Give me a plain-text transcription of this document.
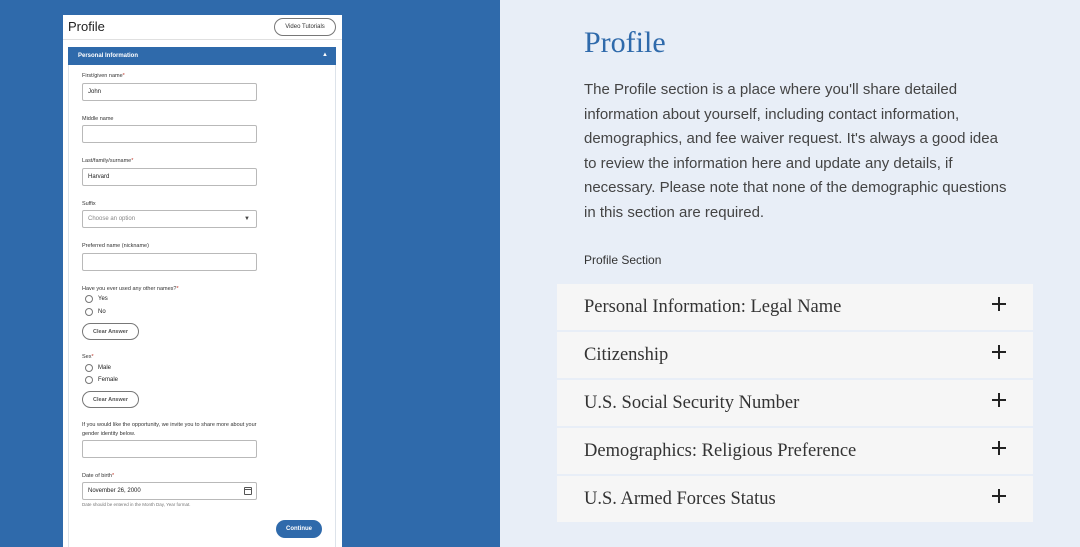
Profile	Video Tutorials
Personal Information	▲
First/given name*
John
Middle name
Last/family/surname*
Harvard
Suffix
Choose an option	▼
Preferred name (nickname)
Have you ever used any other names?*
Yes
No
Clear Answer
Sex*
Male
Female
Clear Answer
If you would like the opportunity, we invite you to share more about your gender identity below.
Date of birth*
November 26, 2000
Date should be entered in the Month Day, Year format.
Continue
Profile
The Profile section is a place where you'll share detailed information about yourself, including contact information, demographics, and fee waiver request. It's always a good idea to review the information here and update any details, if necessary. Please note that none of the demographic questions in this section are required.
Profile Section
Personal Information: Legal Name
Citizenship
U.S. Social Security Number
Demographics: Religious Preference
U.S. Armed Forces Status
